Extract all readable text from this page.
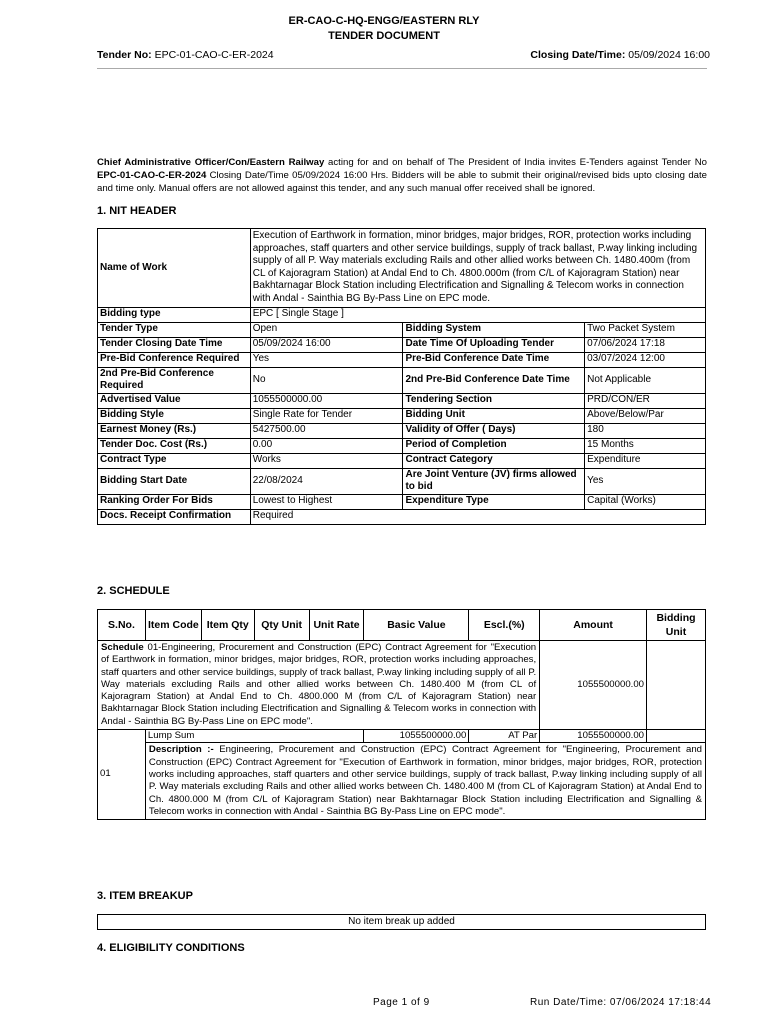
ER-CAO-C-HQ-ENGG/EASTERN RLY
TENDER DOCUMENT
Tender No: EPC-01-CAO-C-ER-2024	Closing Date/Time: 05/09/2024 16:00
Chief Administrative Officer/Con/Eastern Railway acting for and on behalf of The President of India invites E-Tenders against Tender No EPC-01-CAO-C-ER-2024 Closing Date/Time 05/09/2024 16:00 Hrs. Bidders will be able to submit their original/revised bids upto closing date and time only. Manual offers are not allowed against this tender, and any such manual offer received shall be ignored.
1. NIT HEADER
Name of Work	Execution of Earthwork in formation, minor bridges, major bridges, ROR, protection works including approaches, staff quarters and other service buildings, supply of track ballast, P.way linking including supply of all P. Way materials excluding Rails and other allied works between Ch. 1480.400m (from CL of Kajoragram Station) at Andal End to Ch. 4800.000m (from C/L of Kajoragram Station) near Bakhtarnagar Block Station including Electrification and Signalling & Telecom works in connection with Andal - Sainthia BG By-Pass Line on EPC mode.		
Bidding type	EPC [ Single Stage ]		
Tender Type	Open	Bidding System	Two Packet System
Tender Closing Date Time	05/09/2024 16:00	Date Time Of Uploading Tender	07/06/2024 17:18
Pre-Bid Conference Required	Yes	Pre-Bid Conference Date Time	03/07/2024 12:00
2nd Pre-Bid Conference Required	No	2nd Pre-Bid Conference Date Time	Not Applicable
Advertised Value	1055500000.00	Tendering Section	PRD/CON/ER
Bidding Style	Single Rate for Tender	Bidding Unit	Above/Below/Par
Earnest Money (Rs.)	5427500.00	Validity of Offer ( Days)	180
Tender Doc. Cost (Rs.)	0.00	Period of Completion	15 Months
Contract Type	Works	Contract Category	Expenditure
Bidding Start Date	22/08/2024	Are Joint Venture (JV) firms allowed to bid	Yes
Ranking Order For Bids	Lowest to Highest	Expenditure Type	Capital (Works)
Docs. Receipt Confirmation	Required		
2. SCHEDULE
S.No.	Item Code	Item Qty	Qty Unit	Unit Rate	Basic Value	Escl.(%)	Amount	Bidding Unit
Schedule 01-Engineering, Procurement and Construction (EPC) Contract Agreement for "Execution of Earthwork in formation, minor bridges, major bridges, ROR, protection works including approaches, staff quarters and other service buildings, supply of track ballast, P.way linking including supply of all P. Way materials excluding Rails and other allied works between Ch. 1480.400 M (from CL of Kajoragram Station) at Andal End to Ch. 4800.000 M (from C/L of Kajoragram Station) near Bakhtarnagar Block Station including Electrification and Signalling & Telecom works in connection with Andal - Sainthia BG By-Pass Line on EPC mode".							1055500000.00	
01	Lump Sum				1055500000.00	AT Par	1055500000.00	
	Description :- Engineering, Procurement and Construction (EPC) Contract Agreement for "Engineering, Procurement and Construction (EPC) Contract Agreement for "Execution of Earthwork in formation, minor bridges, major bridges, ROR, protection works including approaches, staff quarters and other service buildings, supply of track ballast, P.way linking including supply of all P. Way materials excluding Rails and other allied works between Ch. 1480.400 M (from CL of Kajoragram Station) at Andal End to Ch. 4800.000 M (from C/L of Kajoragram Station) near Bakhtarnagar Block Station including Electrification and Signalling & Telecom works in connection with Andal - Sainthia BG By-Pass Line on EPC mode".							
3. ITEM BREAKUP
No item break up added
4. ELIGIBILITY CONDITIONS
Page 1 of 9	Run Date/Time: 07/06/2024 17:18:44
